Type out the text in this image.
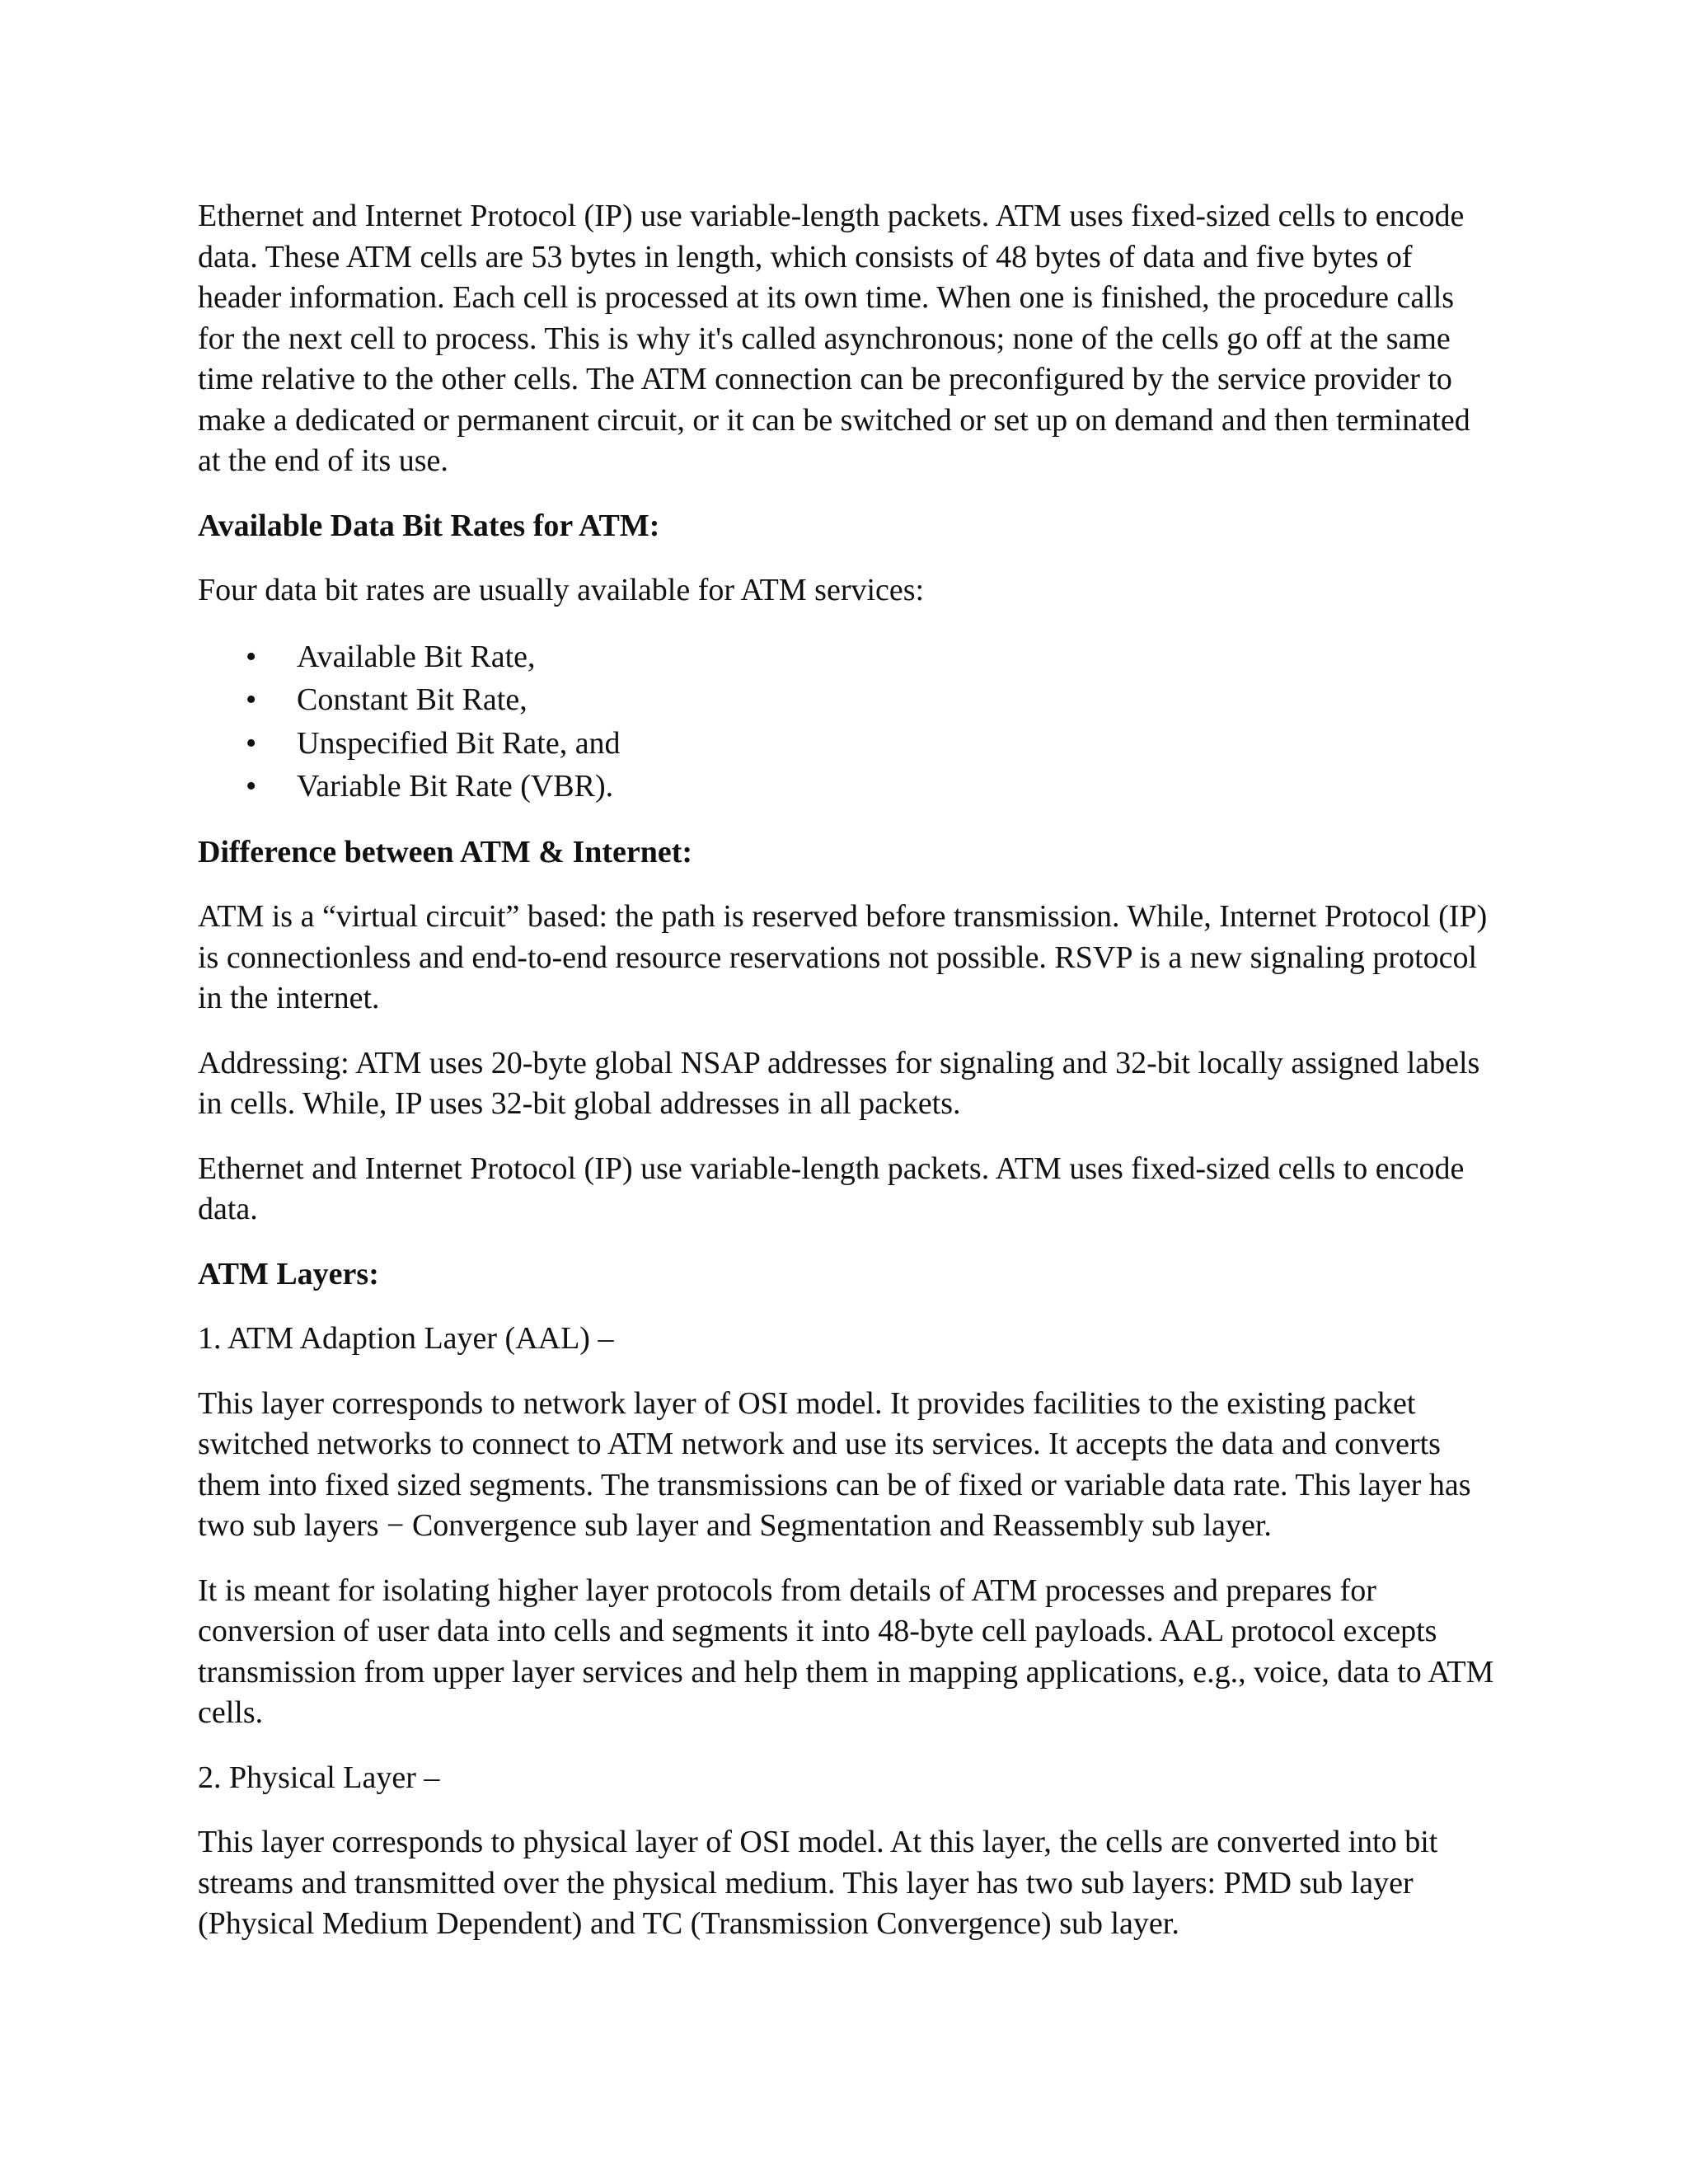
Ethernet and Internet Protocol (IP) use variable-length packets. ATM uses fixed-sized cells to encode data. These ATM cells are 53 bytes in length, which consists of 48 bytes of data and five bytes of header information. Each cell is processed at its own time. When one is finished, the procedure calls for the next cell to process. This is why it's called asynchronous; none of the cells go off at the same time relative to the other cells. The ATM connection can be preconfigured by the service provider to make a dedicated or permanent circuit, or it can be switched or set up on demand and then terminated at the end of its use.

Available Data Bit Rates for ATM:

Four data bit rates are usually available for ATM services:

• Available Bit Rate,
• Constant Bit Rate,
• Unspecified Bit Rate, and
• Variable Bit Rate (VBR).

Difference between ATM & Internet:

ATM is a “virtual circuit” based: the path is reserved before transmission. While, Internet Protocol (IP) is connectionless and end-to-end resource reservations not possible. RSVP is a new signaling protocol in the internet.

Addressing: ATM uses 20-byte global NSAP addresses for signaling and 32-bit locally assigned labels in cells. While, IP uses 32-bit global addresses in all packets.

Ethernet and Internet Protocol (IP) use variable-length packets. ATM uses fixed-sized cells to encode data.

ATM Layers:

1. ATM Adaption Layer (AAL) –

This layer corresponds to network layer of OSI model. It provides facilities to the existing packet switched networks to connect to ATM network and use its services. It accepts the data and converts them into fixed sized segments. The transmissions can be of fixed or variable data rate. This layer has two sub layers − Convergence sub layer and Segmentation and Reassembly sub layer.

It is meant for isolating higher layer protocols from details of ATM processes and prepares for conversion of user data into cells and segments it into 48-byte cell payloads. AAL protocol excepts transmission from upper layer services and help them in mapping applications, e.g., voice, data to ATM cells.

2. Physical Layer –

This layer corresponds to physical layer of OSI model. At this layer, the cells are converted into bit streams and transmitted over the physical medium. This layer has two sub layers: PMD sub layer (Physical Medium Dependent) and TC (Transmission Convergence) sub layer.
